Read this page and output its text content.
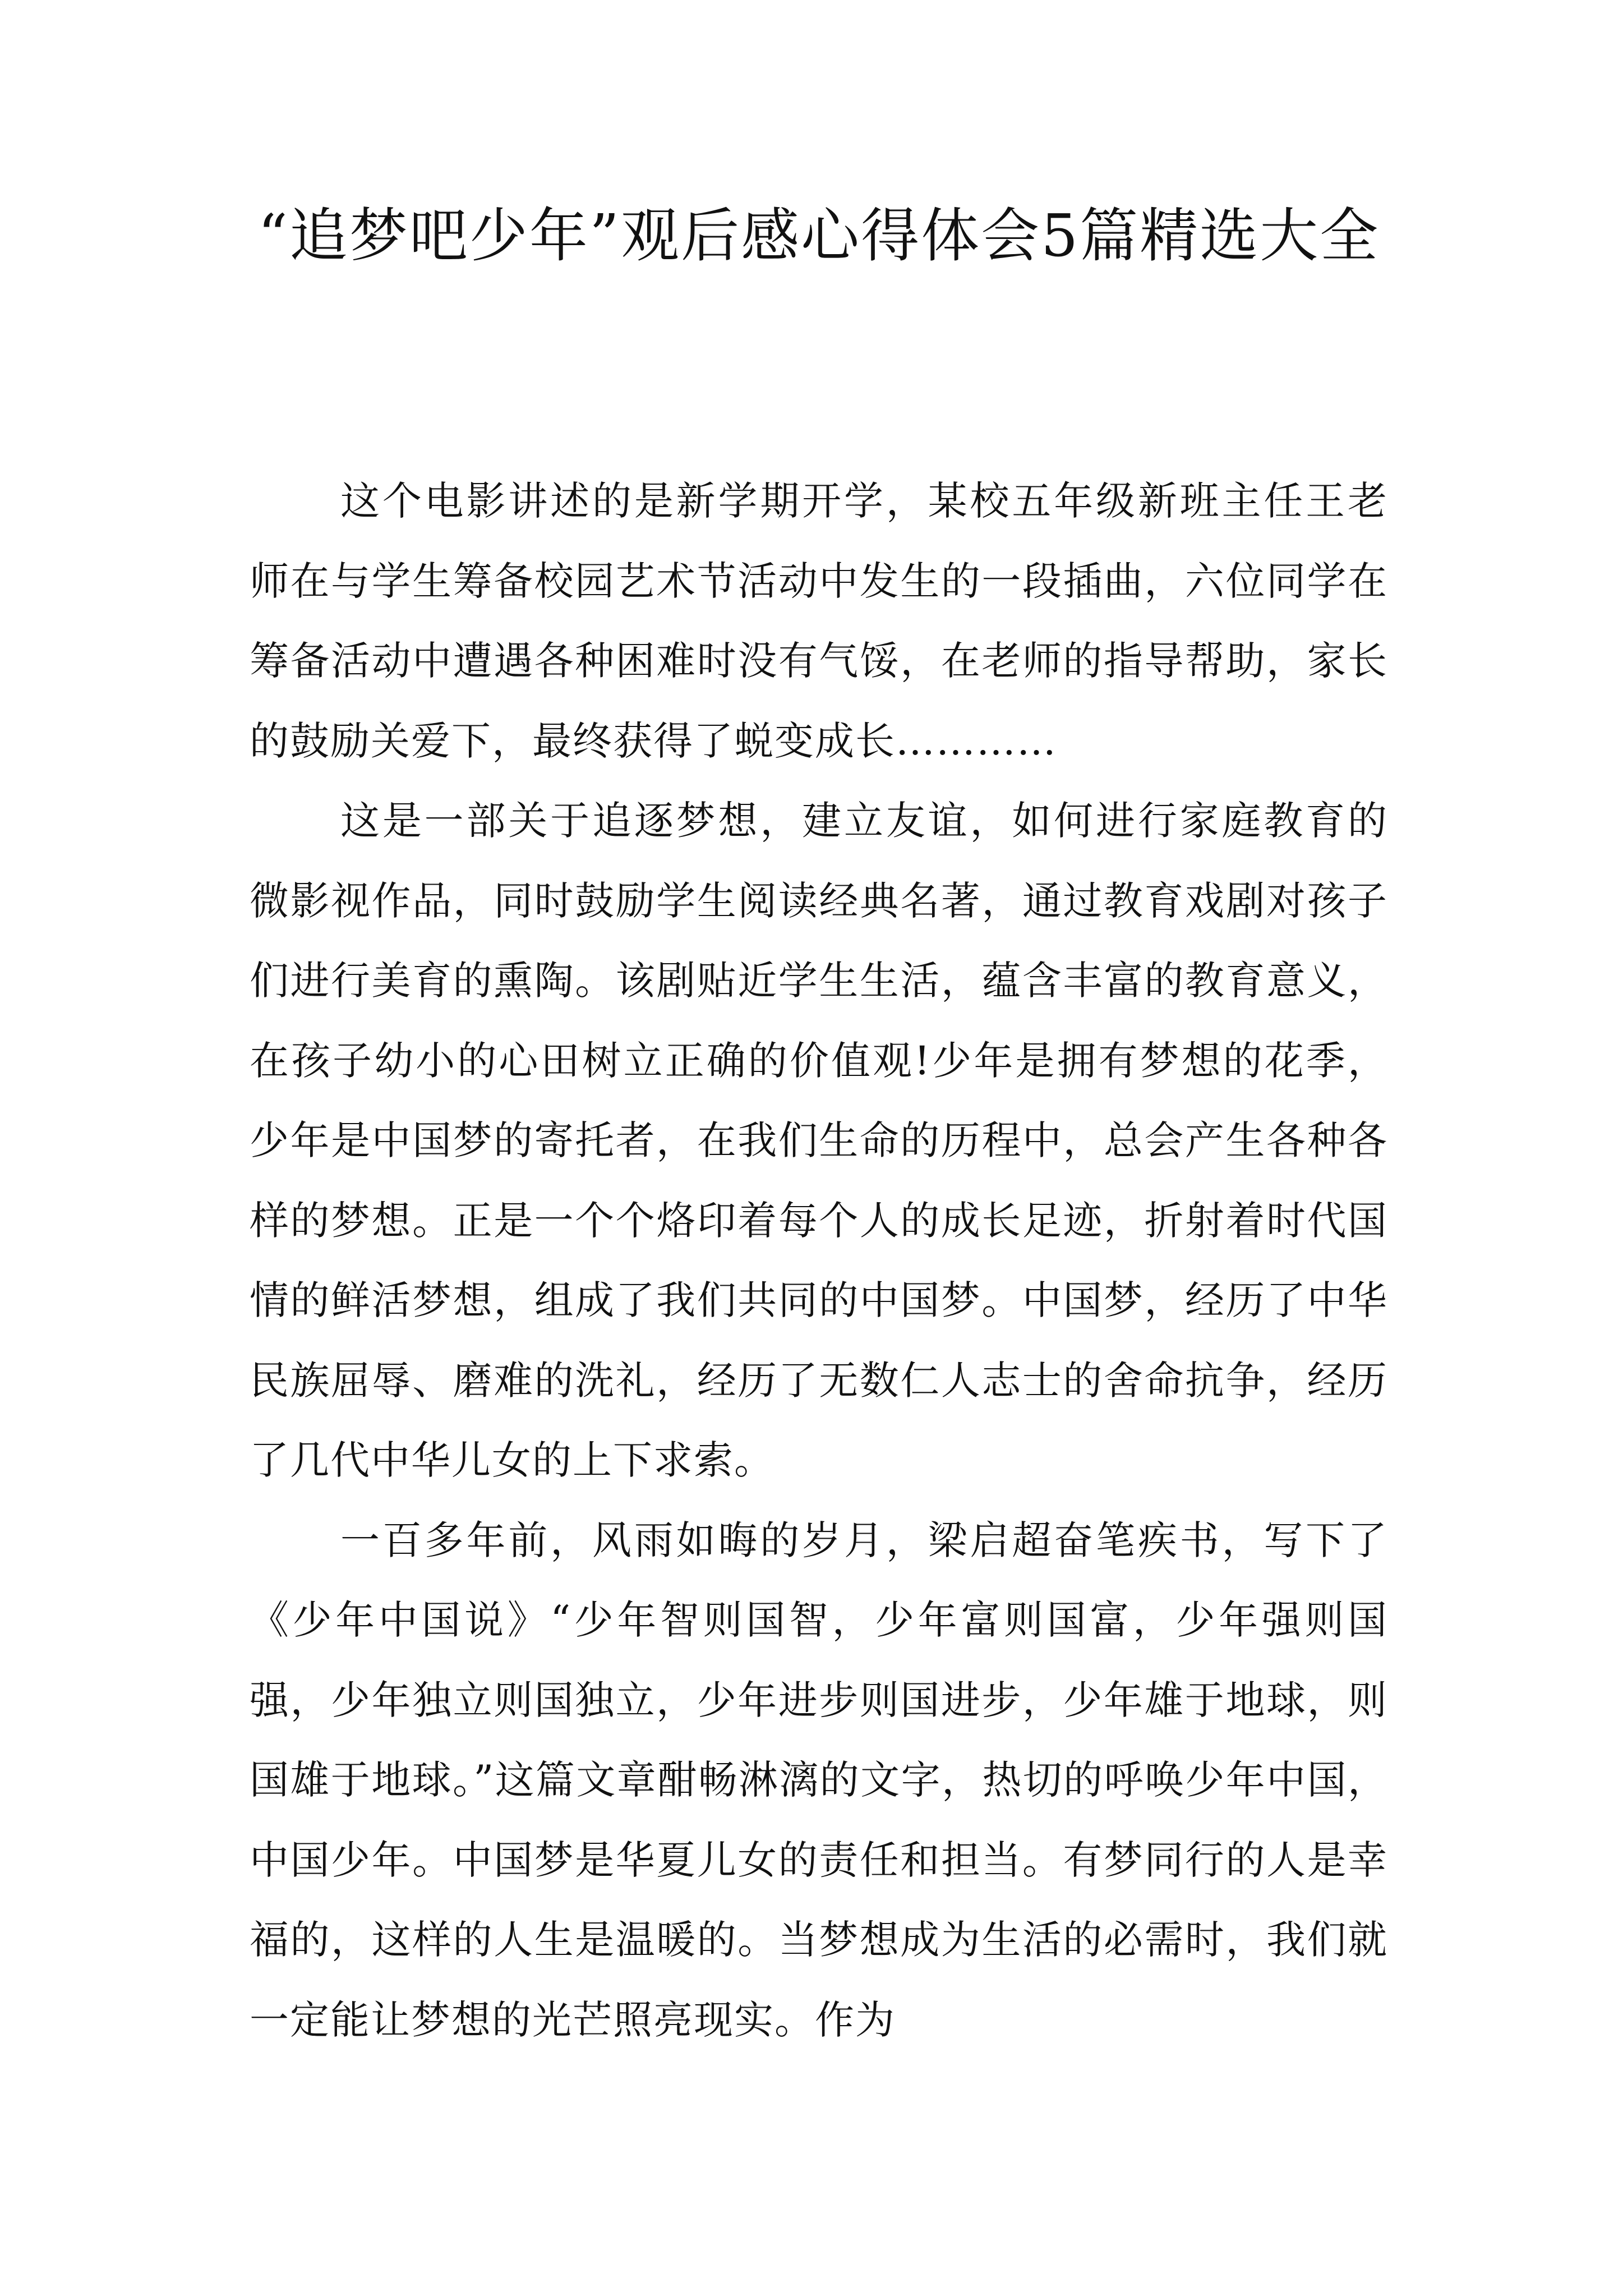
“追梦吧少年”观后感心得体会5篇精选大全

这个电影讲述的是新学期开学，某校五年级新班主任王老师在与学生筹备校园艺术节活动中发生的一段插曲，六位同学在筹备活动中遭遇各种困难时没有气馁，在老师的指导帮助，家长的鼓励关爱下，最终获得了蜕变成长…………

这是一部关于追逐梦想，建立友谊，如何进行家庭教育的微影视作品，同时鼓励学生阅读经典名著，通过教育戏剧对孩子们进行美育的熏陶。该剧贴近学生生活，蕴含丰富的教育意义，在孩子幼小的心田树立正确的价值观!少年是拥有梦想的花季，少年是中国梦的寄托者，在我们生命的历程中，总会产生各种各样的梦想。正是一个个烙印着每个人的成长足迹，折射着时代国情的鲜活梦想，组成了我们共同的中国梦。中国梦，经历了中华民族屈辱、磨难的洗礼，经历了无数仁人志士的舍命抗争，经历了几代中华儿女的上下求索。

一百多年前，风雨如晦的岁月，梁启超奋笔疾书，写下了《少年中国说》“少年智则国智，少年富则国富，少年强则国强，少年独立则国独立，少年进步则国进步，少年雄于地球，则国雄于地球。”这篇文章酣畅淋漓的文字，热切的呼唤少年中国，中国少年。中国梦是华夏儿女的责任和担当。有梦同行的人是幸福的，这样的人生是温暖的。当梦想成为生活的必需时，我们就一定能让梦想的光芒照亮现实。作为
